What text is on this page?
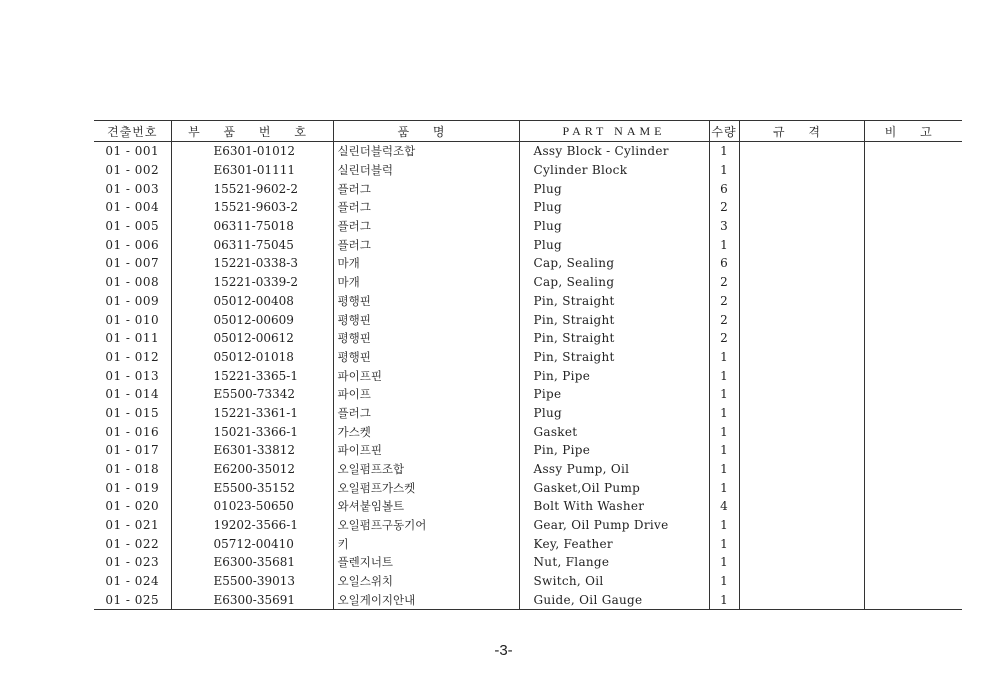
견출번호	부 품 번 호	품 명	PART NAME	수량	규 격	비 고
01 - 001	E6301-01012	실린더블럭조합	Assy Block - Cylinder	1		
01 - 002	E6301-01111	실린더블럭	Cylinder Block	1		
01 - 003	15521-9602-2	플러그	Plug	6		
01 - 004	15521-9603-2	플러그	Plug	2		
01 - 005	06311-75018	플러그	Plug	3		
01 - 006	06311-75045	플러그	Plug	1		
01 - 007	15221-0338-3	마개	Cap, Sealing	6		
01 - 008	15221-0339-2	마개	Cap, Sealing	2		
01 - 009	05012-00408	평행핀	Pin, Straight	2		
01 - 010	05012-00609	평행핀	Pin, Straight	2		
01 - 011	05012-00612	평행핀	Pin, Straight	2		
01 - 012	05012-01018	평행핀	Pin, Straight	1		
01 - 013	15221-3365-1	파이프핀	Pin, Pipe	1		
01 - 014	E5500-73342	파이프	Pipe	1		
01 - 015	15221-3361-1	플러그	Plug	1		
01 - 016	15021-3366-1	가스켓	Gasket	1		
01 - 017	E6301-33812	파이프핀	Pin, Pipe	1		
01 - 018	E6200-35012	오일펌프조합	Assy Pump, Oil	1		
01 - 019	E5500-35152	오일펌프가스켓	Gasket,Oil Pump	1		
01 - 020	01023-50650	와셔붙임볼트	Bolt With Washer	4		
01 - 021	19202-3566-1	오일펌프구동기어	Gear, Oil Pump Drive	1		
01 - 022	05712-00410	키	Key, Feather	1		
01 - 023	E6300-35681	플렌지너트	Nut, Flange	1		
01 - 024	E5500-39013	오일스위치	Switch, Oil	1		
01 - 025	E6300-35691	오일게이지안내	Guide, Oil Gauge	1		
-3-
